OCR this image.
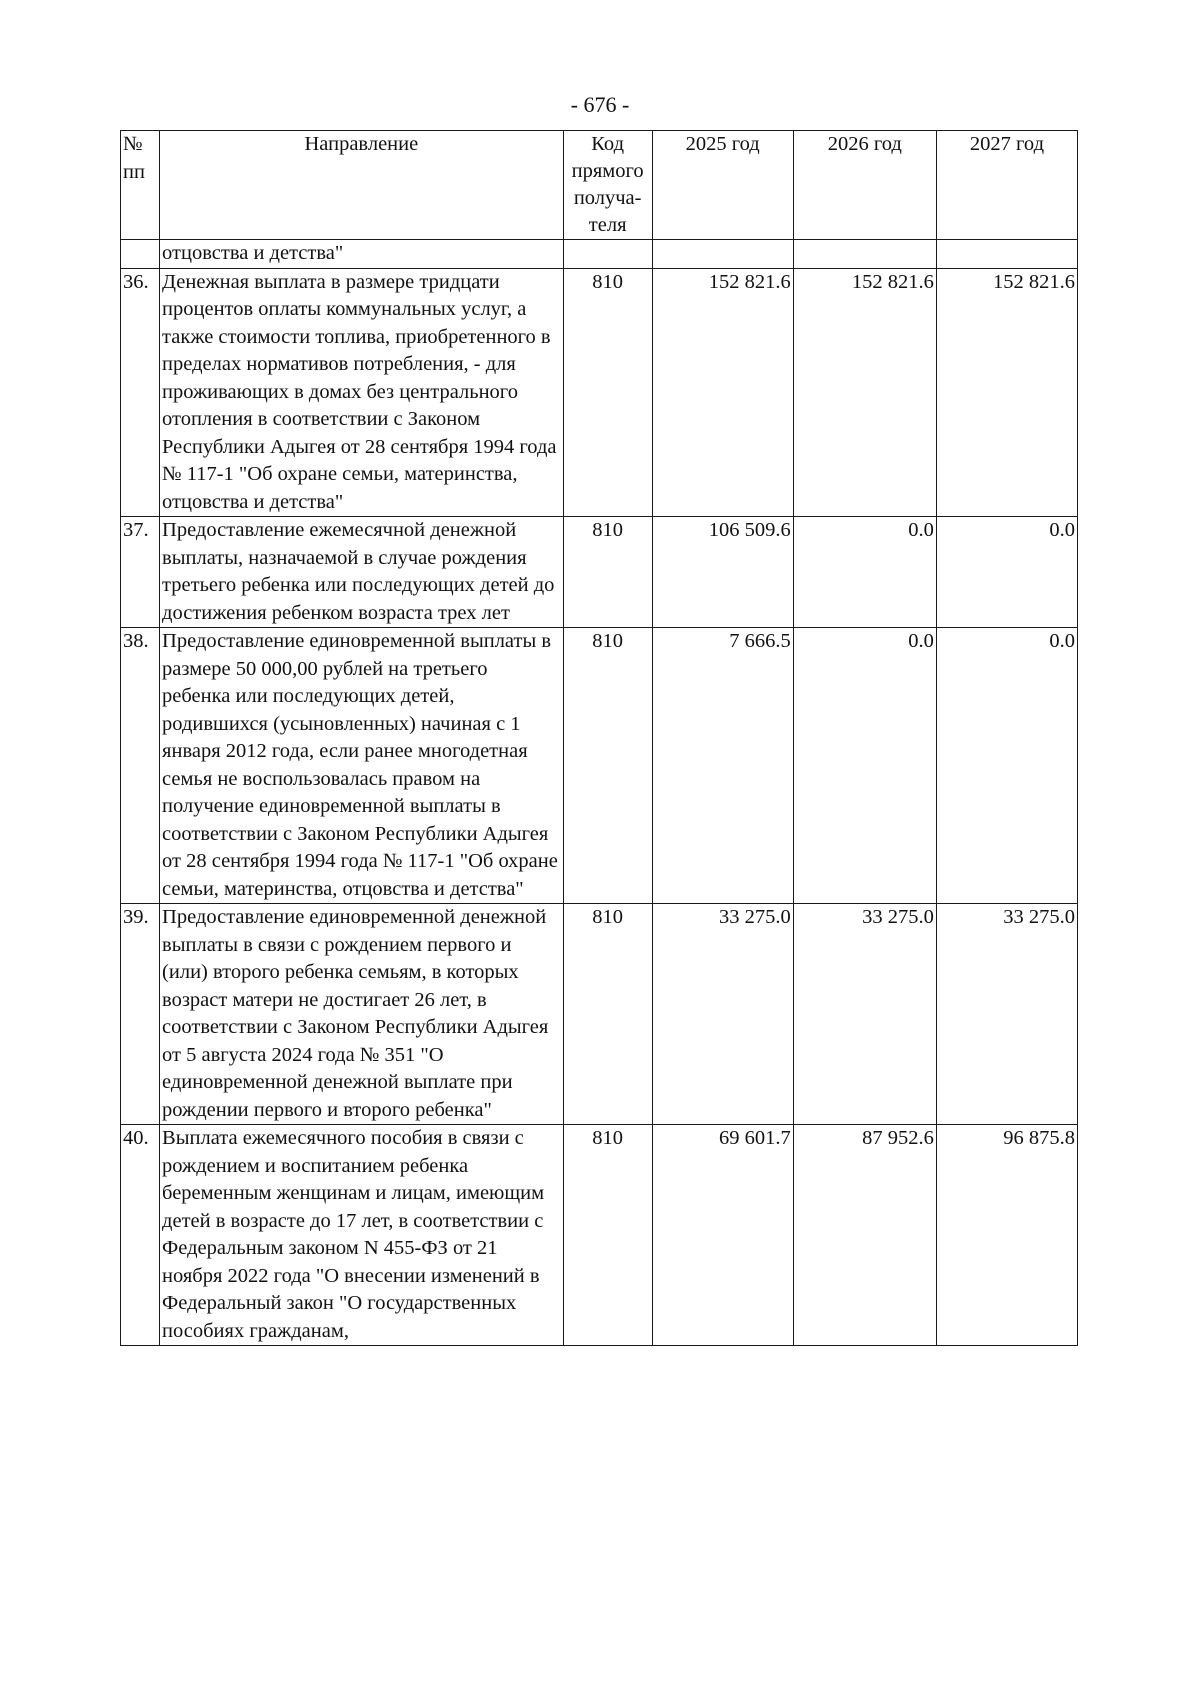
- 676 -
№ пп	Направление	Код прямого получа-теля	2025 год	2026 год	2027 год
	отцовства и детства"				
36.	Денежная выплата в размере тридцати процентов оплаты коммунальных услуг, а также стоимости топлива, приобретенного в пределах нормативов потребления, - для проживающих в домах без центрального отопления в соответствии с Законом Республики Адыгея от 28 сентября 1994 года № 117-1 "Об охране семьи, материнства, отцовства и детства"	810	152 821.6	152 821.6	152 821.6
37.	Предоставление ежемесячной денежной выплаты, назначаемой в случае рождения третьего ребенка или последующих детей до достижения ребенком возраста трех лет	810	106 509.6	0.0	0.0
38.	Предоставление единовременной выплаты в размере 50 000,00 рублей на третьего ребенка или последующих детей, родившихся (усыновленных) начиная с 1 января 2012 года, если ранее многодетная семья не воспользовалась правом на получение единовременной выплаты в соответствии с Законом Республики Адыгея от 28 сентября 1994 года № 117-1 "Об охране семьи, материнства, отцовства и детства"	810	7 666.5	0.0	0.0
39.	Предоставление единовременной денежной выплаты в связи с рождением первого и (или) второго ребенка семьям, в которых возраст матери не достигает 26 лет, в соответствии с Законом Республики Адыгея от 5 августа 2024 года № 351 "О единовременной денежной выплате при рождении первого и второго ребенка"	810	33 275.0	33 275.0	33 275.0
40.	Выплата ежемесячного пособия в связи с рождением и воспитанием ребенка беременным женщинам и лицам, имеющим детей в возрасте до 17 лет, в соответствии с Федеральным законом N 455-ФЗ от 21 ноября 2022 года "О внесении изменений в Федеральный закон "О государственных пособиях гражданам,	810	69 601.7	87 952.6	96 875.8
